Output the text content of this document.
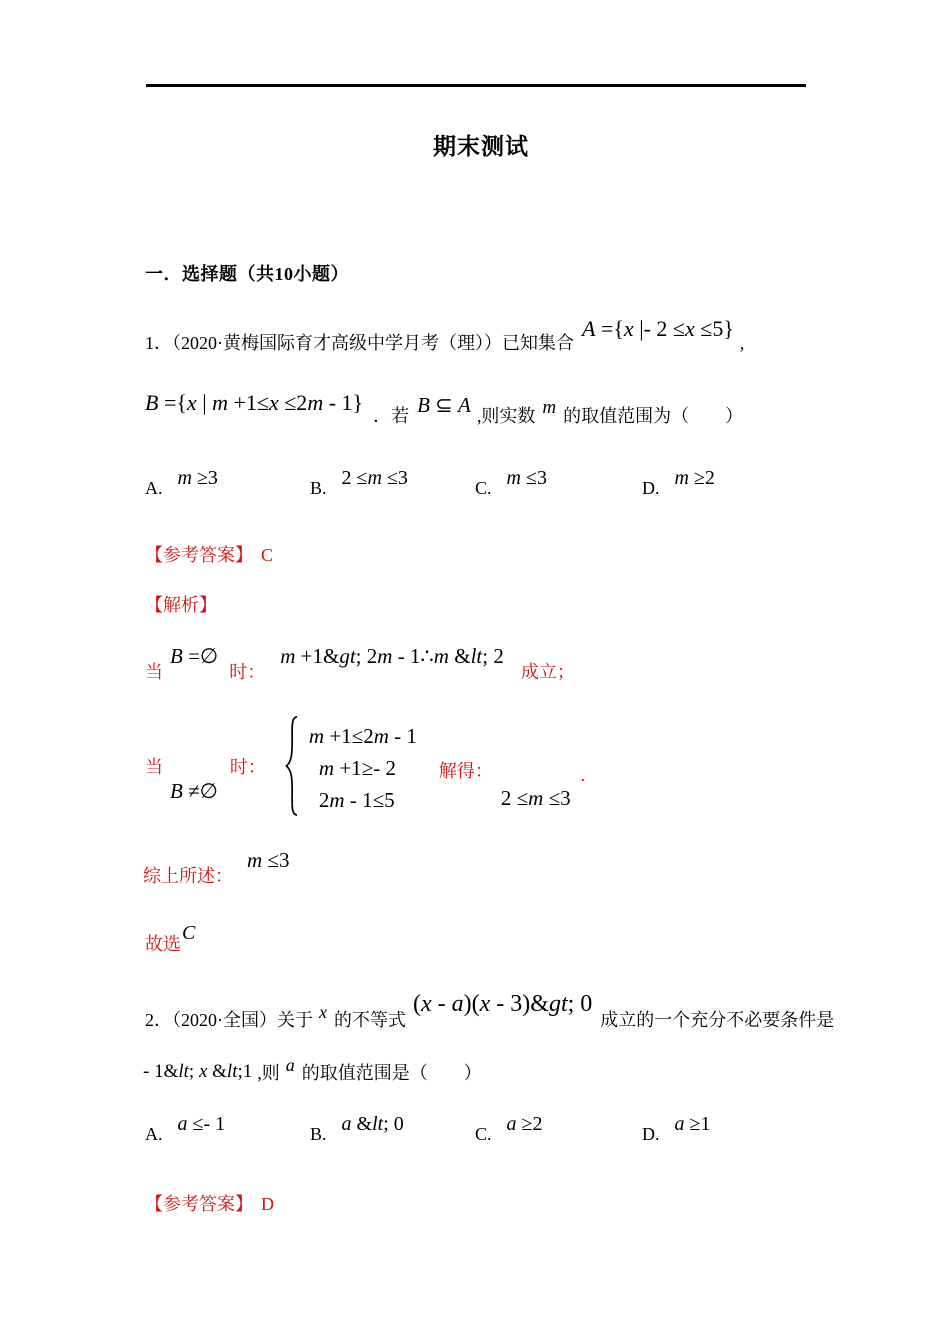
期末测试
一．选择题（共10小题）
1．（2020·黄梅国际育才高级中学月考（理））已知集合 A ={x |- 2 ≤x ≤5} ,
B ={x | m +1≤x ≤2m - 1} ．若 B ⊆ A ,则实数 m 的取值范围为（　　）
A. m ≥3	B. 2 ≤m ≤3	C. m ≤3	D. m ≥2
【参考答案】 C
【解析】
当 B =∅ 时： m +1&gt; 2m - 1∴m &lt; 2 成立；
当 B ≠∅ 时：
m +1≤2m - 1
m +1≥- 2
2m - 1≤5
解得： 2 ≤m ≤3 .
综上所述： m ≤3
故选 C
2．（2020·全国）关于 x 的不等式 (x - a)(x - 3)&gt; 0 成立的一个充分不必要条件是
- 1&lt; x &lt;1 ,则 a 的取值范围是（　　）
A. a ≤- 1	B. a &lt; 0	C. a ≥2	D. a ≥1
【参考答案】 D
